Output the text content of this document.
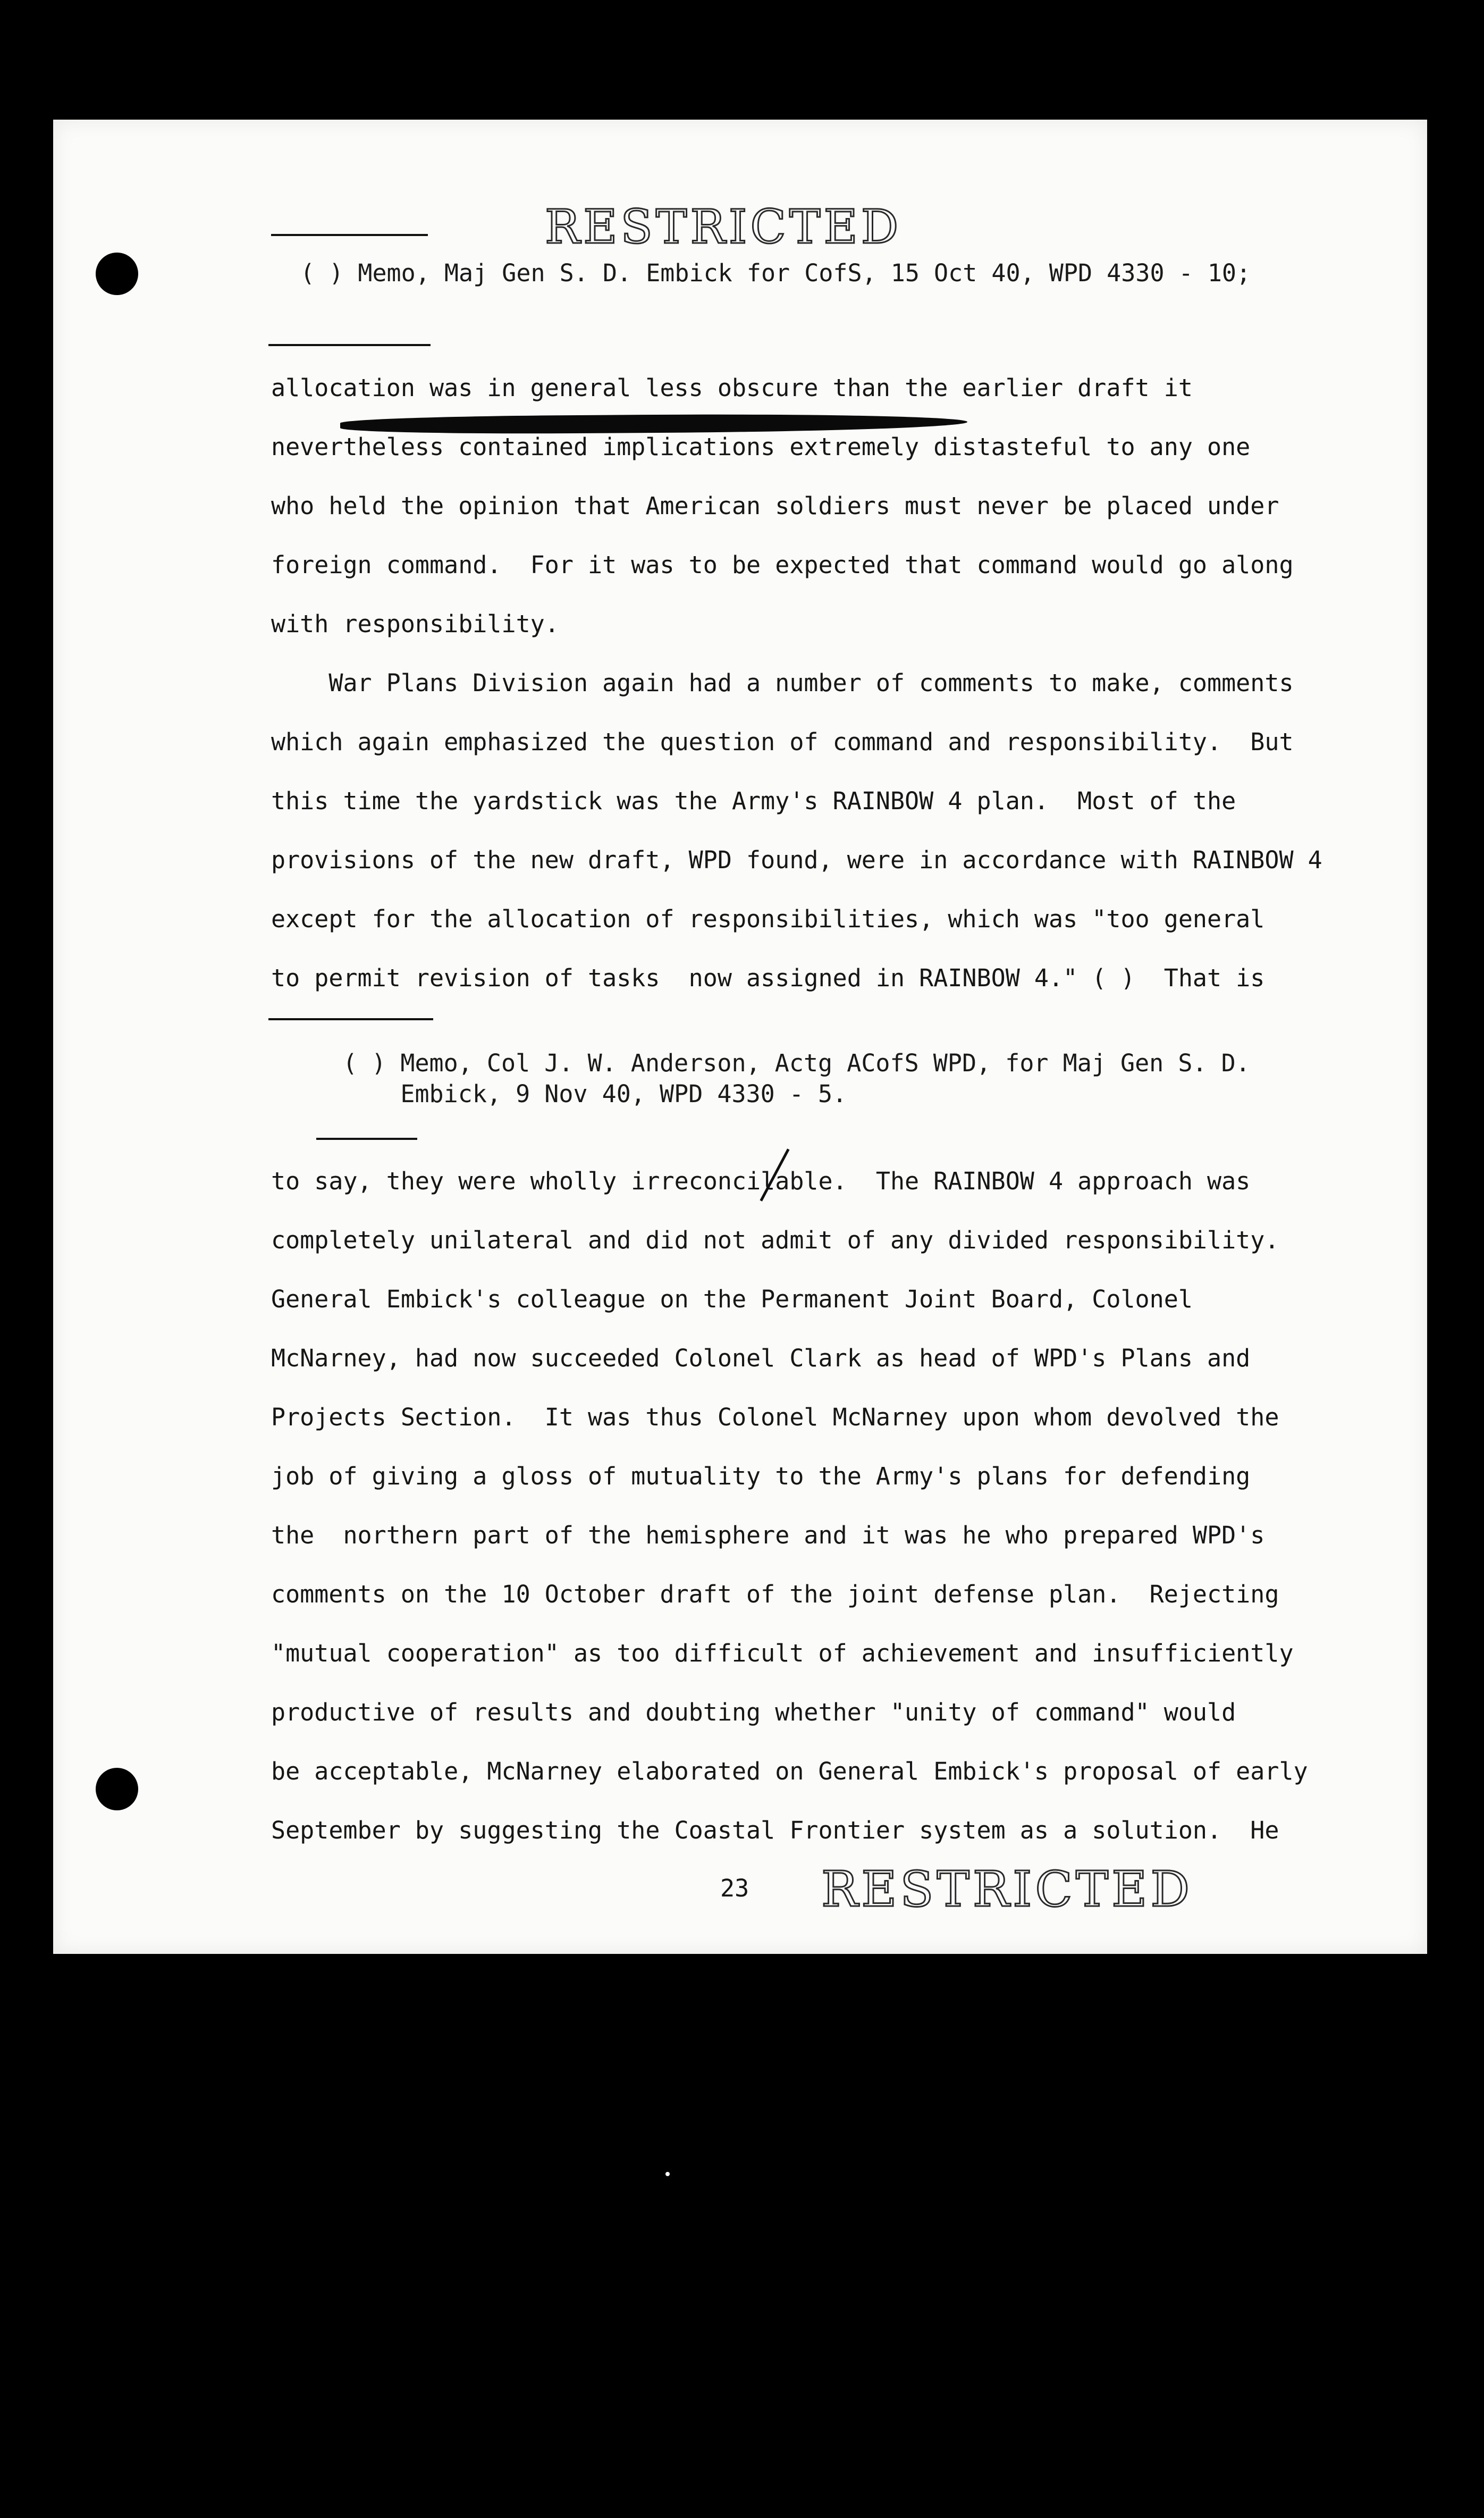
RESTRICTED
( ) Memo, Maj Gen S. D. Embick for CofS, 15 Oct 40, WPD 4330 - 10;

allocation was in general less obscure than the earlier draft it

nevertheless contained implications extremely distasteful to any one

who held the opinion that American soldiers must never be placed under

foreign command.  For it was to be expected that command would go along

with responsibility.

War Plans Division again had a number of comments to make, comments

which again emphasized the question of command and responsibility.  But

this time the yardstick was the Army's RAINBOW 4 plan.  Most of the

provisions of the new draft, WPD found, were in accordance with RAINBOW 4

except for the allocation of responsibilities, which was "too general

to permit revision of tasks  now assigned in RAINBOW 4." ( )  That is

( ) Memo, Col J. W. Anderson, Actg ACofS WPD, for Maj Gen S. D.

Embick, 9 Nov 40, WPD 4330 - 5.

to say, they were wholly irreconcilable.  The RAINBOW 4 approach was

completely unilateral and did not admit of any divided responsibility.

General Embick's colleague on the Permanent Joint Board, Colonel

McNarney, had now succeeded Colonel Clark as head of WPD's Plans and

Projects Section.  It was thus Colonel McNarney upon whom devolved the

job of giving a gloss of mutuality to the Army's plans for defending

the  northern part of the hemisphere and it was he who prepared WPD's

comments on the 10 October draft of the joint defense plan.  Rejecting

"mutual cooperation" as too difficult of achievement and insufficiently

productive of results and doubting whether "unity of command" would

be acceptable, McNarney elaborated on General Embick's proposal of early

September by suggesting the Coastal Frontier system as a solution.  He

23 RESTRICTED
